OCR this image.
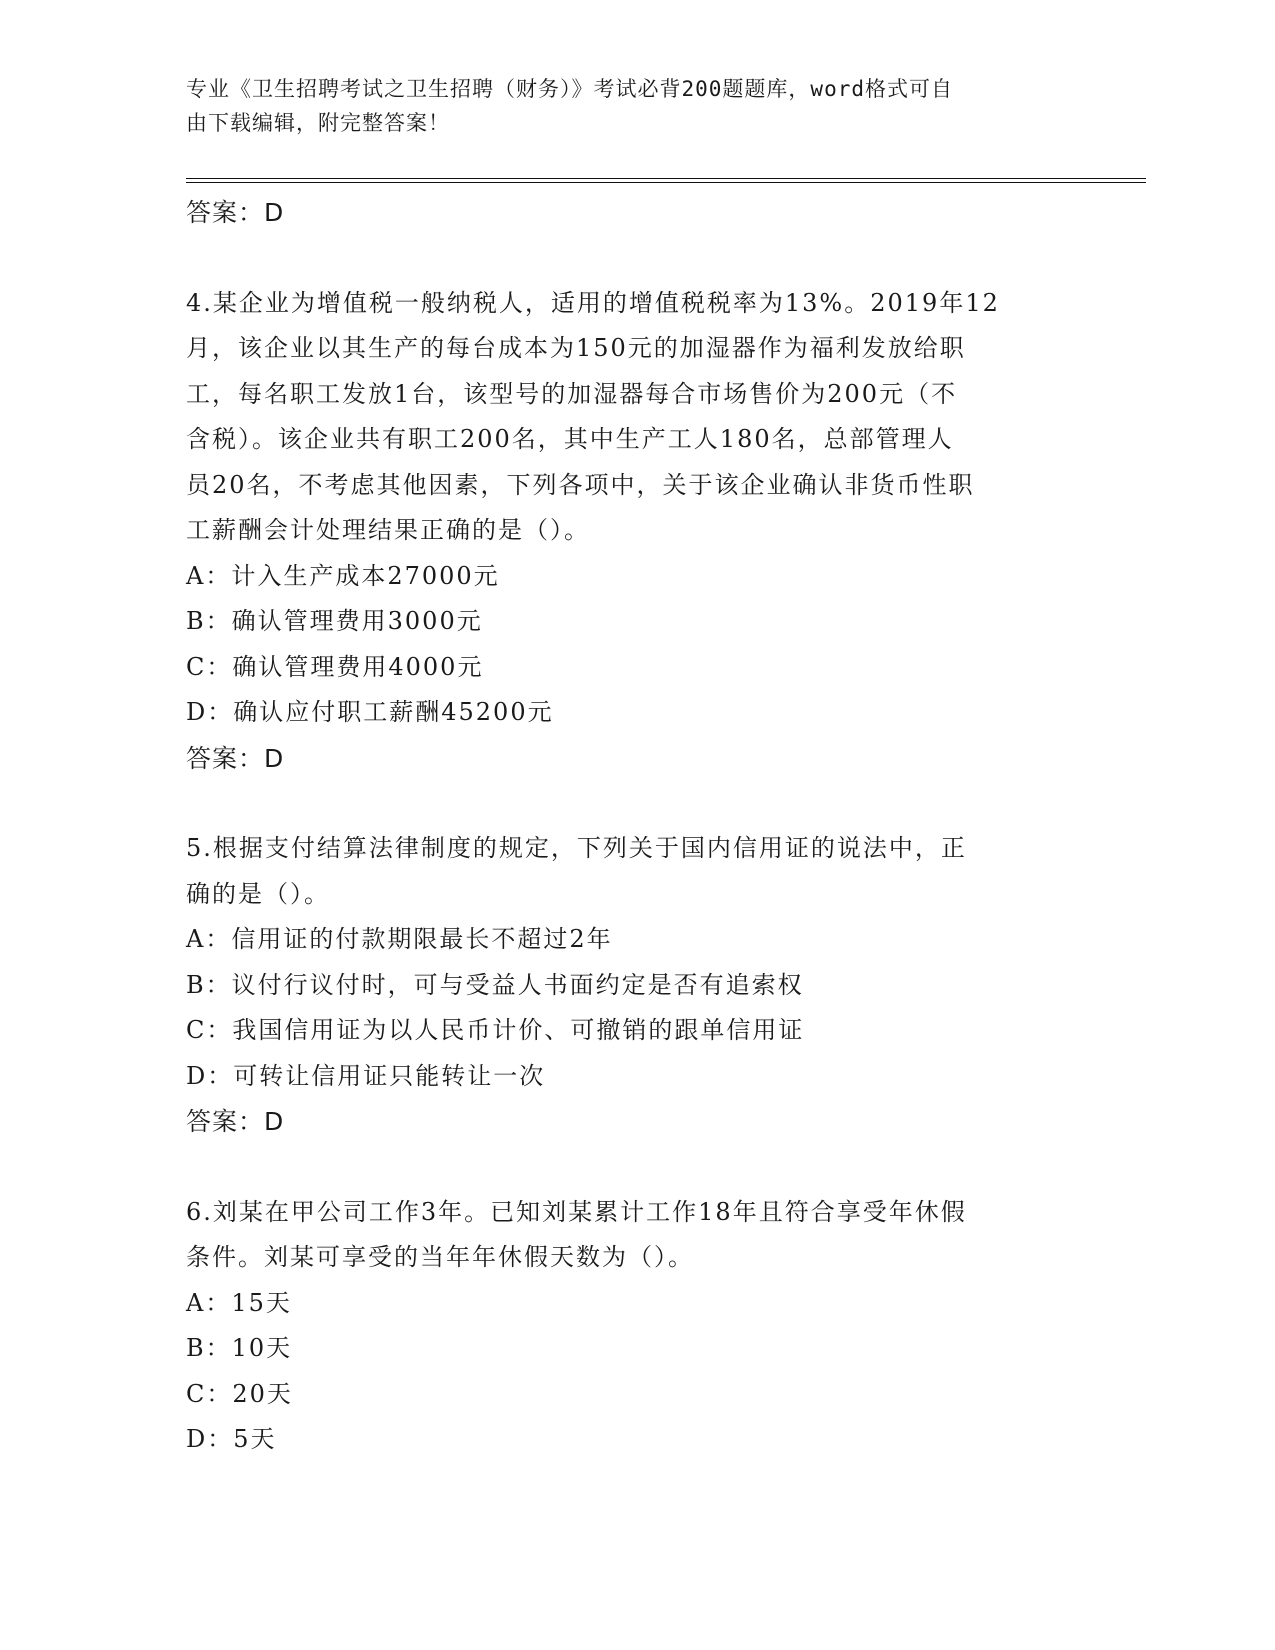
专业《卫生招聘考试之卫生招聘（财务）》考试必背200题题库，word格式可自
由下载编辑，附完整答案！
答案：D
4.某企业为增值税一般纳税人，适用的增值税税率为13%。2019年12
月，该企业以其生产的每台成本为150元的加湿器作为福利发放给职
工，每名职工发放1台，该型号的加湿器每合市场售价为200元（不
含税）。该企业共有职工200名，其中生产工人180名，总部管理人
员20名，不考虑其他因素，下列各项中，关于该企业确认非货币性职
工薪酬会计处理结果正确的是（）。
A：计入生产成本27000元
B：确认管理费用3000元
C：确认管理费用4000元
D：确认应付职工薪酬45200元
答案：D
5.根据支付结算法律制度的规定，下列关于国内信用证的说法中，正
确的是（）。
A：信用证的付款期限最长不超过2年
B：议付行议付时，可与受益人书面约定是否有追索权
C：我国信用证为以人民币计价、可撤销的跟单信用证
D：可转让信用证只能转让一次
答案：D
6.刘某在甲公司工作3年。已知刘某累计工作18年且符合享受年休假
条件。刘某可享受的当年年休假天数为（）。
A：15天
B：10天
C：20天
D：5天
